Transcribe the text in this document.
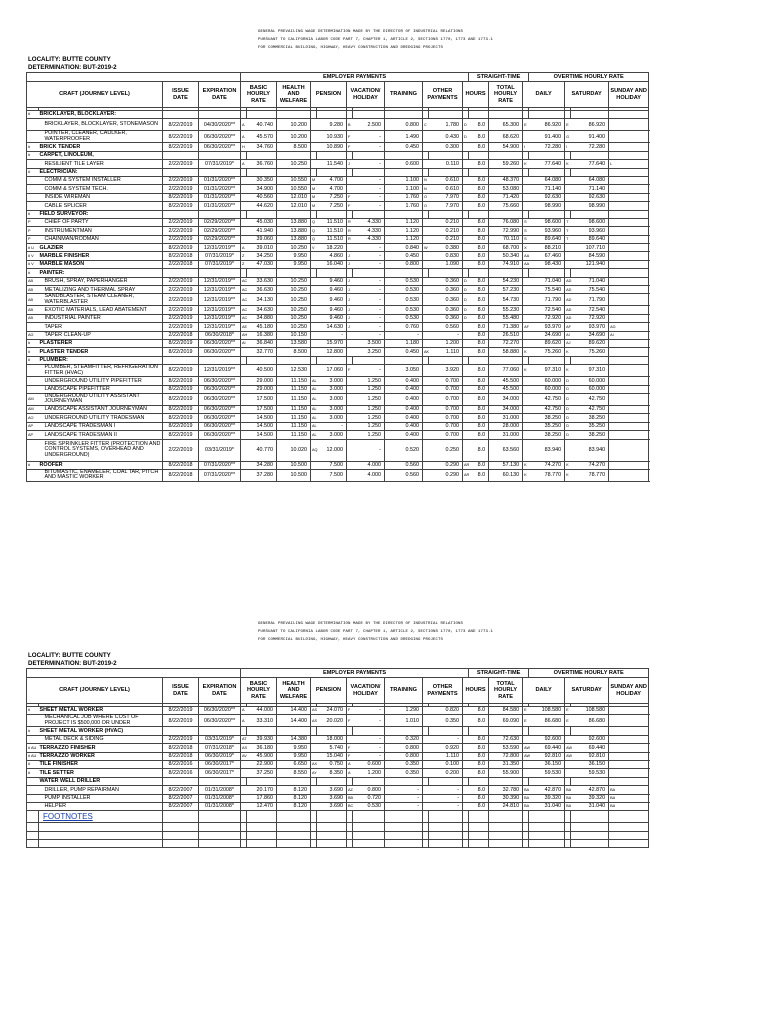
GENERAL PREVAILING WAGE DETERMINATION MADE BY THE DIRECTOR OF INDUSTRIAL RELATIONS
PURSUANT TO CALIFORNIA LABOR CODE PART 7, CHAPTER 1, ARTICLE 2, SECTIONS 1770, 1773 AND 1773.1
FOR COMMERCIAL BUILDING, HIGHWAY, HEAVY CONSTRUCTION AND DREDGING PROJECTS
LOCALITY: BUTTE COUNTY
DETERMINATION: BUT-2019-2
				EMPLOYER PAYMENTS											STRAIGHT-TIME			OVERTIME HOURLY RATE				
CRAFT (JOURNEY LEVEL)		ISSUE DATE	EXPIRATION DATE	BASIC HOURLY RATE		HEALTH AND WELFARE	PENSION		VACATION/ HOLIDAY		TRAINING	OTHER PAYMENTS		HOURS		TOTAL HOURLY RATE	DAILY		SATURDAY		SUNDAY AND HOLIDAY	

#	BRICKLAYER, BLOCKLAYER:																					
	BRICKLAYER, BLOCKLAYER, STONEMASON	8/22/2019	04/30/2020**	A	40.740	10.200		9.280	B	2.500	0.800	C	1.780	D	8.0	65.300	E	86.920	E	86.920		
	POINTER, CLEANER, CAULKER, WATERPROOFER	8/22/2019	06/30/2020**	A	45.570	10.200		10.930	F	-	1.490		0.430	D	8.0	68.620		91.400	G	91.400		
#	BRICK TENDER	8/22/2019	06/30/2020**	H	34.760	8.500		10.890	F	-	0.450		0.300		8.0	54.900	I	72.280	I	72.280		
#	CARPET, LINOLEUM,																					
	RESILIENT TILE LAYER	2/22/2019	07/31/2019*	A	36.760	10.250		11.540	J	-	0.600		0.110		8.0	59.260	K	77.640	K	77.640	L	
#	ELECTRICIAN:																					
	COMM & SYSTEM INSTALLER	2/22/2019	01/31/2020**		30.350	10.550	M	4.700		-	1.100	N	0.610		8.0	48.370		64.080		64.080		
	COMM & SYSTEM TECH.	2/22/2019	01/31/2020**		34.900	10.550	M	4.700		-	1.100	N	0.610		8.0	53.080		71.140		71.140		
	INSIDE WIREMAN	8/22/2019	01/31/2020**		40.560	12.010	M	7.250	F	-	1.760	O	7.970		8.0	71.420		92.630		92.630		
	CABLE SPLICER	8/22/2019	01/31/2020**		44.620	12.010	M	7.250	F	-	1.760	O	7.970		8.0	75.660		98.990		98.990		
#	FIELD SURVEYOR:																					
P	CHIEF OF PARTY	2/22/2019	02/29/2020**		45.030	13.880	Q	11.510	R	4.330	1.120		0.210		8.0	76.080	S	98.600	T	98.600		
P	INSTRUMENTMAN	2/22/2019	02/29/2020**		41.940	13.880	Q	11.510	R	4.330	1.120		0.210		8.0	72.990	S	93.960	T	93.960		
P	CHAINMAN/RODMAN	2/22/2019	02/29/2020**		39.060	13.880	Q	11.510	R	4.330	1.120		0.210		8.0	70.110	S	89.640	T	89.640		
# U	GLAZIER	8/22/2019	12/31/2019**	A	39.010	10.250	V	18.220		-	0.840	W	0.380		8.0	68.700	X	88.210		107.710		
# V	MARBLE FINISHER	8/22/2018	07/31/2019*	Z	34.250	9.950		4.860	J	-	0.450		0.830		8.0	50.340	AA	67.460		84.590		
# V	MARBLE MASON	2/22/2018	07/31/2019*	Z	47.030	9.950		16.040	J	-	0.800		1.090		8.0	74.910	AA	98.430		121.940		
#	PAINTER:																					
AB	BRUSH, SPRAY, PAPERHANGER	2/22/2019	12/31/2019**	AC	33.630	10.250		9.460	J	-	0.530		0.360	D	8.0	54.230		71.040	AD	71.040		
AB	METALIZING AND THERMAL SPRAY	2/22/2019	12/31/2019**	AC	36.630	10.250		9.460	J	-	0.530		0.360	D	8.0	57.230		75.540	AD	75.540		
AB	SANDBLASTER, STEAM CLEANER, WATERBLASTER	2/22/2019	12/31/2019**	AC	34.130	10.250		9.460	J	-	0.530		0.360	D	8.0	54.730		71.790	AD	71.790		
AB	EXOTIC MATERIALS, LEAD ABATEMENT	2/22/2019	12/31/2019**	AC	34.630	10.250		9.460	J	-	0.530		0.360	D	8.0	55.230		72.540	AD	72.540		
AB	INDUSTRIAL PAINTER	2/22/2019	12/31/2019**	AC	34.880	10.250		9.460	J	-	0.530		0.360	D	8.0	55.480		72.920	AD	72.920		
	TAPER	2/22/2019	12/31/2019**	AE	45.180	10.250		14.630	J	-	0.760		0.560		8.0	71.380	AF	93.970	AF	93.970	AG	
AG	TAPER CLEAN-UP	2/22/2018	06/30/2018*	AH	16.380	10.150		-		-	-		-		8.0	26.510		34.690	AI	34.690	AI	
#	PLASTERER	8/22/2019	06/30/2020**	AI	36.840	13.580		15.970		3.500	1.180		1.200		8.0	72.270		89.620	AJ	89.620		
#	PLASTER TENDER	8/22/2019	06/30/2020**		32.770	8.500		12.800		3.250	0.450	AK	1.110		8.0	58.880	K	75.260	K	75.260		
#	PLUMBER:																					
	PLUMBER, STEAMFITTER, REFRIGERATION FITTER (HVAC)	8/22/2019	12/31/2019**		40.500	12.530		17.060	F	-	3.050		3.920		8.0	77.060	K	97.310	K	97.310		
	UNDERGROUND UTILITY PIPEFITTER	8/22/2019	06/30/2020**		29.000	11.150	AL	3.000		1.250	0.400		0.700		8.0	45.500		60.000	D	60.000		
	LANDSCAPE PIPEFITTER	8/22/2019	06/30/2020**		29.000	11.150	AL	3.000		1.250	0.400		0.700		8.0	45.500		60.000	D	60.000		
AM	UNDERGROUND UTILITY ASSISTANT JOURNEYMAN	8/22/2019	06/30/2020**		17.500	11.150	AL	3.000		1.250	0.400		0.700		8.0	34.000		42.750	D	42.750		
AM	LANDSCAPE ASSISTANT JOURNEYMAN	8/22/2019	06/30/2020**		17.500	11.150	AL	3.000		1.250	0.400		0.700		8.0	34.000		42.750	D	42.750		
AO	UNDERGROUND UTILITY TRADESMAN	8/22/2019	06/30/2020**		14.500	11.150	AL	3.000		1.250	0.400		0.700		8.0	31.000		38.250	D	38.250		
AP	LANDSCAPE TRADESMAN I	8/22/2019	06/30/2020**		14.500	11.150	AL	-		1.250	0.400		0.700		8.0	28.000		35.250	D	35.250		
AP	LANDSCAPE TRADESMAN II	8/22/2019	06/30/2020**		14.500	11.150	AL	3.000		1.250	0.400		0.700		8.0	31.000		38.250	D	38.250		
	FIRE SPRINKLER FITTER (PROTECTION AND CONTROL SYSTEMS, OVERHEAD AND UNDERGROUND)	2/22/2019	03/31/2019*		40.770	10.020	AQ	12.000		-	0.520		0.250		8.0	63.560		83.940		83.940		
#	ROOFER	8/22/2018	07/31/2020**		34.280	10.500		7.500		4.000	0.560		0.290	AR	8.0	57.130	K	74.270	K	74.270		
	BITUMASTIC, ENAMELER, COAL TAR, PITCH AND MASTIC WORKER	8/22/2018	07/31/2020**		37.280	10.500		7.500		4.000	0.560		0.290	AR	8.0	60.130	K	78.770	K	78.770		
GENERAL PREVAILING WAGE DETERMINATION MADE BY THE DIRECTOR OF INDUSTRIAL RELATIONS
PURSUANT TO CALIFORNIA LABOR CODE PART 7, CHAPTER 1, ARTICLE 2, SECTIONS 1770, 1773 AND 1773.1
FOR COMMERCIAL BUILDING, HIGHWAY, HEAVY CONSTRUCTION AND DREDGING PROJECTS
LOCALITY: BUTTE COUNTY
DETERMINATION: BUT-2019-2
				EMPLOYER PAYMENTS											STRAIGHT-TIME			OVERTIME HOURLY RATE				
CRAFT (JOURNEY LEVEL)		ISSUE DATE	EXPIRATION DATE	BASIC HOURLY RATE		HEALTH AND WELFARE	PENSION		VACATION/ HOLIDAY		TRAINING	OTHER PAYMENTS		HOURS		TOTAL HOURLY RATE	DAILY		SATURDAY		SUNDAY AND HOLIDAY	

#	SHEET METAL WORKER	8/22/2019	06/30/2020**	A	44.000	14.400	AS	24.070	F	-	1.290		0.820		8.0	84.580	E	108.580	E	108.580		
	MECHANICAL JOB WHERE COST OF PROJECT IS $500,000 OR UNDER	8/22/2019	06/30/2020**	A	33.310	14.400	AS	20.020	F	-	1.010		0.350		8.0	69.090	E	86.680	E	86.680		
#	SHEET METAL WORKER (HVAC)																					
	METAL DECK & SIDING	2/22/2019	03/31/2019*	AT	39.930	14.380		18.000		-	0.320		-		8.0	72.630		92.600		92.600		
# AU	TERRAZZO FINISHER	8/22/2018	07/31/2018*	AS	36.180	9.950		5.740	F	-	0.800		0.920		8.0	53.590	AW	69.440	AW	69.440		
# AU	TERRAZZO WORKER	8/22/2018	06/30/2019*	AV	45.900	9.950		15.040	F	-	0.800		1.110		8.0	72.800	AW	92.810	AW	92.810		
#	TILE FINISHER	8/22/2016	06/30/2017*		22.900	6.650	AX	0.750	A	0.600	0.350		0.100		8.0	31.350		36.150		36.150		
#	TILE SETTER	8/22/2016	06/30/2017*		37.250	8.550	AY	8.350	A	1.200	0.350		0.200		8.0	55.900		59.530		59.530		
	WATER WELL DRILLER																					
	DRILLER, PUMP REPAIRMAN	8/22/2007	01/31/2008*		20.170	8.120		3.690	AZ	0.800	-		-		8.0	32.780	BA	42.870	BA	42.870	BA	
	PUMP INSTALLER	8/22/2007	01/31/2008*		17.860	8.120		3.690	BB	0.720	-		-		8.0	30.390	BA	39.320	BA	39.320	BA	
	HELPER	8/22/2007	01/31/2008*		12.470	8.120		3.690	BC	0.530	-		-		8.0	24.810	BA	31.040	BA	31.040	BA	
	FOOTNOTES																					
